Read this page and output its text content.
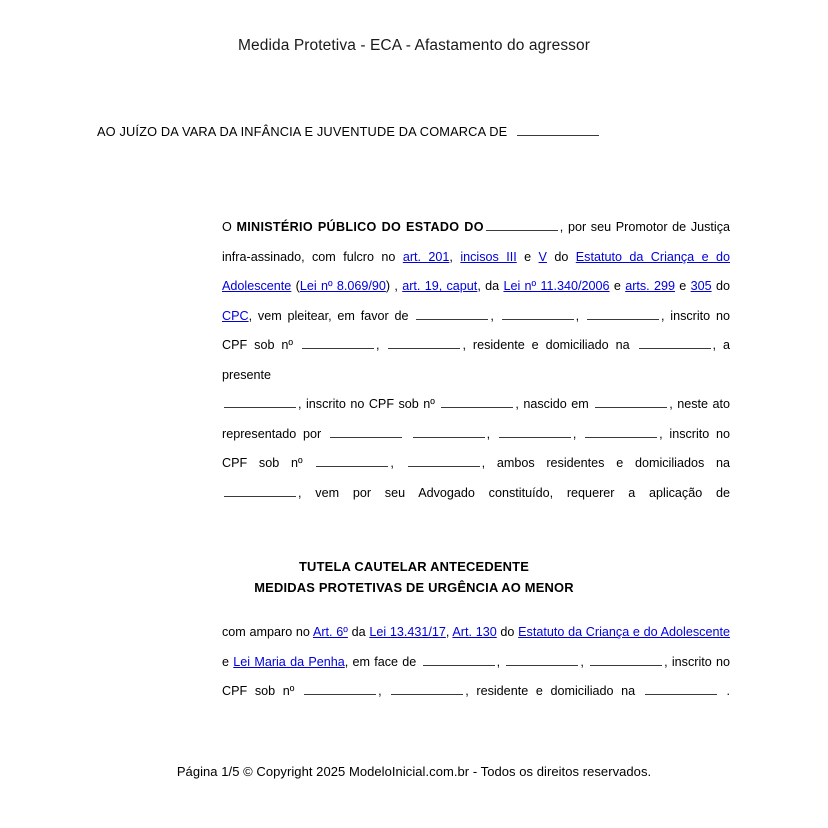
Medida Protetiva - ECA - Afastamento do agressor
AO JUÍZO DA VARA DA INFÂNCIA E JUVENTUDE DA COMARCA DE

O MINISTÉRIO PÚBLICO DO ESTADO DO	, por seu Promotor de Justiça infra-assinado, com fulcro no art. 201, incisos III e V do Estatuto da Criança e do Adolescente (Lei nº 8.069/90) , art. 19, caput, da Lei nº 11.340/2006 e arts. 299 e 305 do CPC, vem pleitear, em favor de	,	,	, inscrito no CPF sob nº	,	, residente e domiciliado na	, a presente

, inscrito no CPF sob nº	, nascido em	, neste ato representado por	,	,	, inscrito no CPF sob nº	,	, ambos residentes e domiciliados na , vem por seu Advogado constituído, requerer a aplicação de

TUTELA CAUTELAR ANTECEDENTE
MEDIDAS PROTETIVAS DE URGÊNCIA AO MENOR

com amparo no Art. 6º da Lei 13.431/17, Art. 130 do Estatuto da Criança e do Adolescente e Lei Maria da Penha, em face de	,	,	, inscrito no CPF sob nº	,	, residente e domiciliado na	.

Página 1/5 © Copyright 2025 ModeloInicial.com.br - Todos os direitos reservados.
